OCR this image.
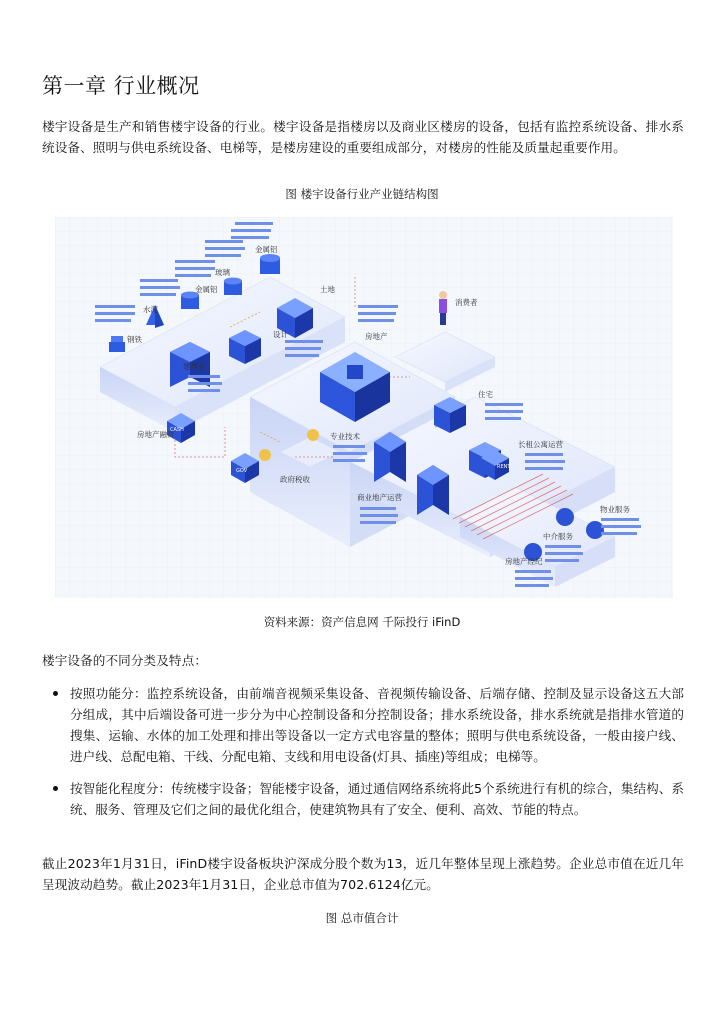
第一章 行业概况

楼宇设备是生产和销售楼宇设备的行业。楼宇设备是指楼房以及商业区楼房的设备，包括有监控系统设备、排水系统设备、照明与供电系统设备、电梯等，是楼房建设的重要组成部分，对楼房的性能及质量起重要作用。

图 楼宇设备行业产业链结构图

CASH
GOV
RENT
钢铁
水泥
金属铝
玻璃
金属铝
土地
设计
消费者
房地产
建筑业
房地产融资
政府税收
专业技术
商业地产运营
住宅
长租公寓运营
物业服务
中介服务
房地产经纪

资料来源：资产信息网 千际投行 iFinD

楼宇设备的不同分类及特点：

按照功能分：监控系统设备，由前端音视频采集设备、音视频传输设备、后端存储、控制及显示设备这五大部分组成，其中后端设备可进一步分为中心控制设备和分控制设备；排水系统设备，排水系统就是指排水管道的搜集、运输、水体的加工处理和排出等设备以一定方式电容量的整体；照明与供电系统设备，一般由接户线、进户线、总配电箱、干线、分配电箱、支线和用电设备(灯具、插座)等组成；电梯等。
按智能化程度分：传统楼宇设备；智能楼宇设备，通过通信网络系统将此5个系统进行有机的综合，集结构、系统、服务、管理及它们之间的最优化组合，使建筑物具有了安全、便利、高效、节能的特点。

截止2023年1月31日，iFinD楼宇设备板块沪深成分股个数为13，近几年整体呈现上涨趋势。企业总市值在近几年呈现波动趋势。截止2023年1月31日，企业总市值为702.6124亿元。

图 总市值合计
